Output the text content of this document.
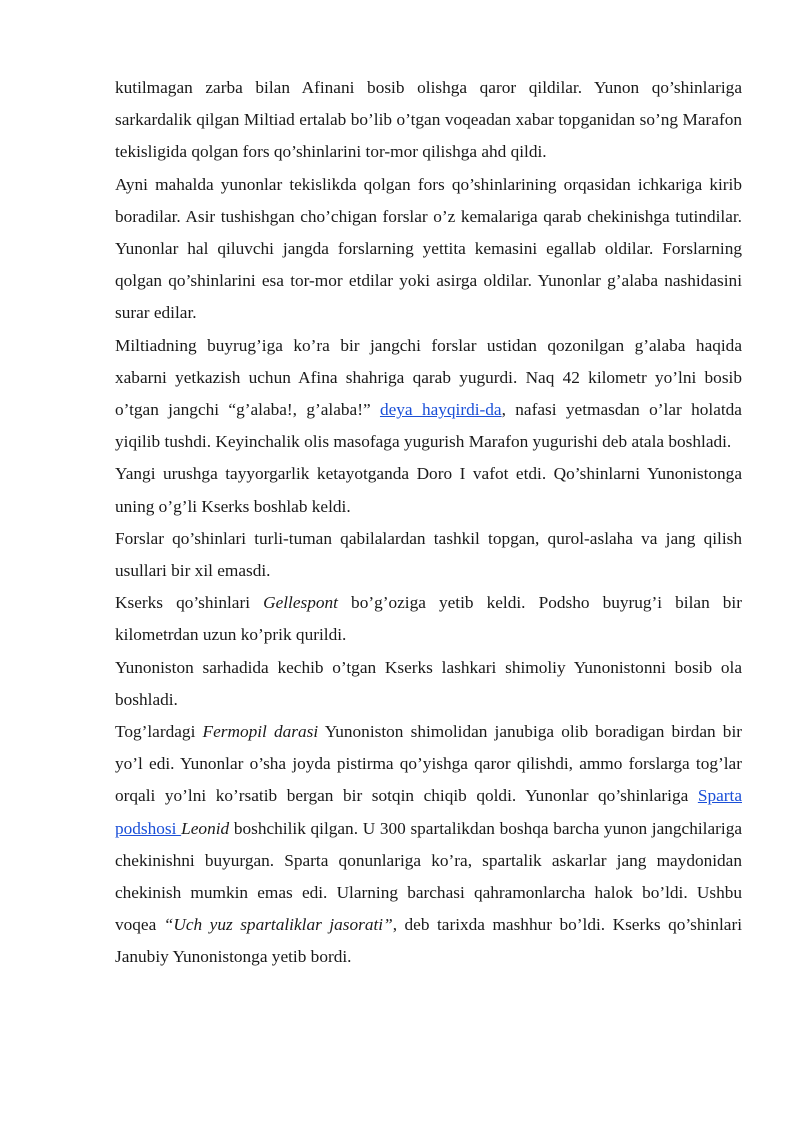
kutilmagan zarba bilan Afinani bosib olishga qaror qildilar. Yunon qo’shinlariga sarkardalik qilgan Miltiad ertalab bo’lib o’tgan voqeadan xabar topganidan so’ng Marafon tekisligida qolgan fors qo’shinlarini tor-mor qilishga ahd qildi.

Ayni mahalda yunonlar tekislikda qolgan fors qo’shinlarining orqasidan ichkariga kirib boradilar. Asir tushishgan cho’chigan forslar o’z kemalariga qarab chekinishga tutindilar. Yunonlar hal qiluvchi jangda forslarning yettita kemasini egallab oldilar. Forslarning qolgan qo’shinlarini esa tor-mor etdilar yoki asirga oldilar. Yunonlar g’alaba nashidasini surar edilar.

Miltiadning buyrug’iga ko’ra bir jangchi forslar ustidan qozonilgan g’alaba haqida xabarni yetkazish uchun Afina shahriga qarab yugurdi. Naq 42 kilometr yo’lni bosib o’tgan jangchi “g’alaba!, g’alaba!” deya hayqirdi-da, nafasi yetmasdan o’lar holatda yiqilib tushdi. Keyinchalik olis masofaga yugurish Marafon yugurishi deb atala boshladi.

Yangi urushga tayyorgarlik ketayotganda Doro I vafot etdi. Qo’shinlarni Yunonistonga uning o’g’li Kserks boshlab keldi.

Forslar qo’shinlari turli-tuman qabilalardan tashkil topgan, qurol-aslaha va jang qilish usullari bir xil emasdi.

Kserks qo’shinlari Gellespont bo’g’oziga yetib keldi. Podsho buyrug’i bilan bir kilometrdan uzun ko’prik qurildi.

Yunoniston sarhadida kechib o’tgan Kserks lashkari shimoliy Yunonistonni bosib ola boshladi.

Tog’lardagi Fermopil darasi Yunoniston shimolidan janubiga olib boradigan birdan bir yo’l edi. Yunonlar o’sha joyda pistirma qo’yishga qaror qilishdi, ammo forslarga tog’lar orqali yo’lni ko’rsatib bergan bir sotqin chiqib qoldi. Yunonlar qo’shinlariga Sparta podshosi Leonid boshchilik qilgan. U 300 spartalikdan boshqa barcha yunon jangchilariga chekinishni buyurgan. Sparta qonunlariga ko’ra, spartalik askarlar jang maydonidan chekinish mumkin emas edi. Ularning barchasi qahramonlarcha halok bo’ldi. Ushbu voqea “Uch yuz spartaliklar jasorati”, deb tarixda mashhur bo’ldi. Kserks qo’shinlari Janubiy Yunonistonga yetib bordi.
